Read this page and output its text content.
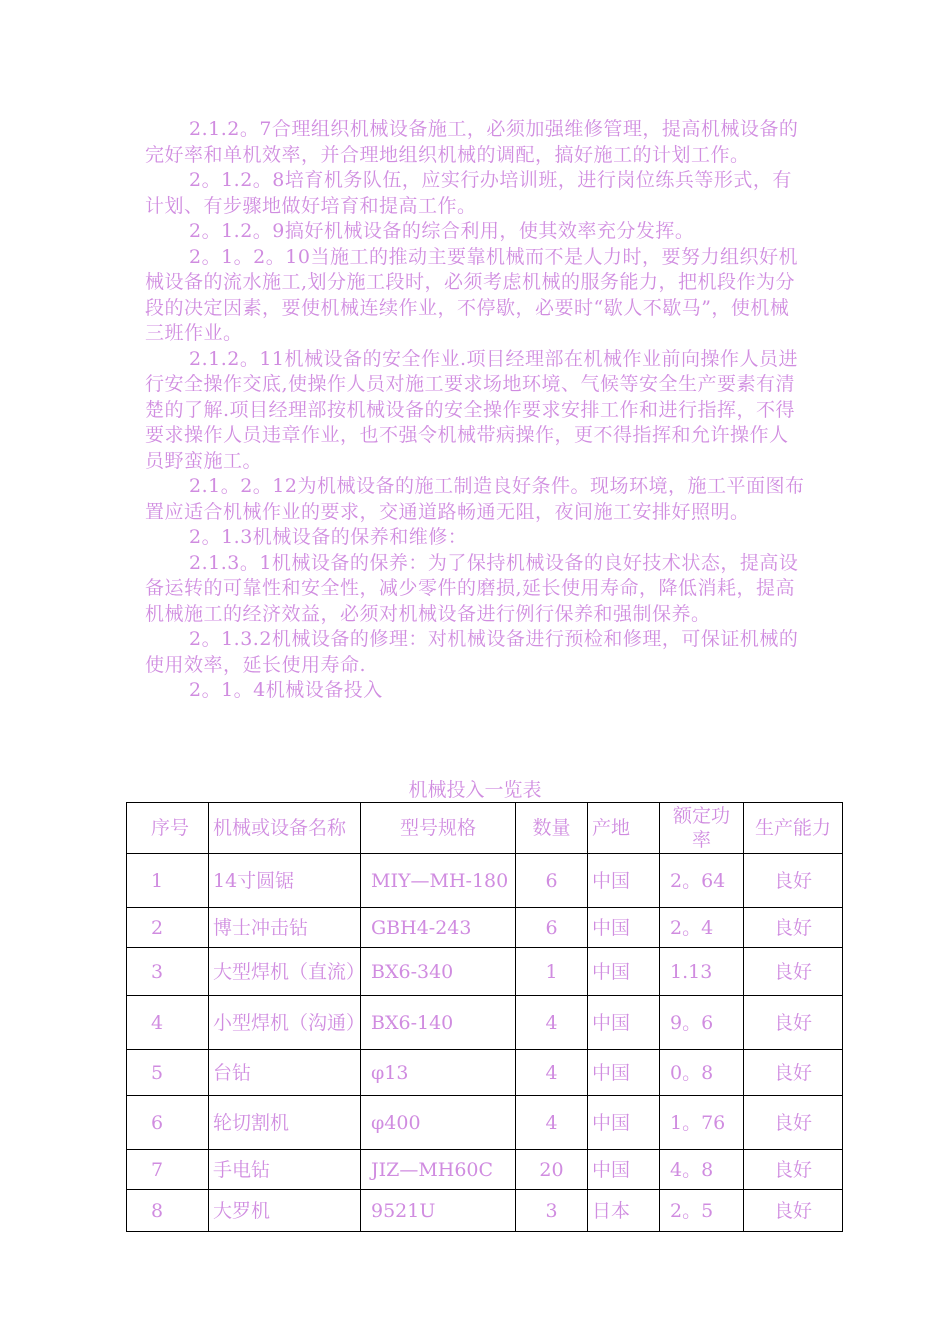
2.1.2。7合理组织机械设备施工，必须加强维修管理，提高机械设备的完好率和单机效率，并合理地组织机械的调配，搞好施工的计划工作。

2。1.2。8培育机务队伍，应实行办培训班，进行岗位练兵等形式，有计划、有步骤地做好培育和提高工作。

2。1.2。9搞好机械设备的综合利用，使其效率充分发挥。

2。1。2。10当施工的推动主要靠机械而不是人力时，要努力组织好机械设备的流水施工,划分施工段时，必须考虑机械的服务能力，把机段作为分段的决定因素，要使机械连续作业，不停歇，必要时“歇人不歇马”，使机械三班作业。

2.1.2。11机械设备的安全作业.项目经理部在机械作业前向操作人员进行安全操作交底,使操作人员对施工要求场地环境、气候等安全生产要素有清楚的了解.项目经理部按机械设备的安全操作要求安排工作和进行指挥，不得要求操作人员违章作业，也不强令机械带病操作，更不得指挥和允许操作人员野蛮施工。

2.1。2。12为机械设备的施工制造良好条件。现场环境，施工平面图布置应适合机械作业的要求，交通道路畅通无阻，夜间施工安排好照明。

2。1.3机械设备的保养和维修：

2.1.3。1机械设备的保养：为了保持机械设备的良好技术状态，提高设备运转的可靠性和安全性，减少零件的磨损,延长使用寿命，降低消耗，提高机械施工的经济效益，必须对机械设备进行例行保养和强制保养。

2。1.3.2机械设备的修理：对机械设备进行预检和修理，可保证机械的使用效率，延长使用寿命.

2。1。4机械设备投入

机械投入一览表
序号	机械或设备名称	型号规格	数量	产地	额定功率	生产能力
1	14寸圆锯	MIY—MH-180	6	中国	2。64	良好
2	博士冲击钻	GBH4-243	6	中国	2。4	良好
3	大型焊机（直流）	BX6-340	1	中国	1.13	良好
4	小型焊机（沟通）	BX6-140	4	中国	9。6	良好
5	台钻	φ13	4	中国	0。8	良好
6	轮切割机	φ400	4	中国	1。76	良好
7	手电钻	JIZ—MH60C	20	中国	4。8	良好
8	大罗机	9521U	3	日本	2。5	良好
